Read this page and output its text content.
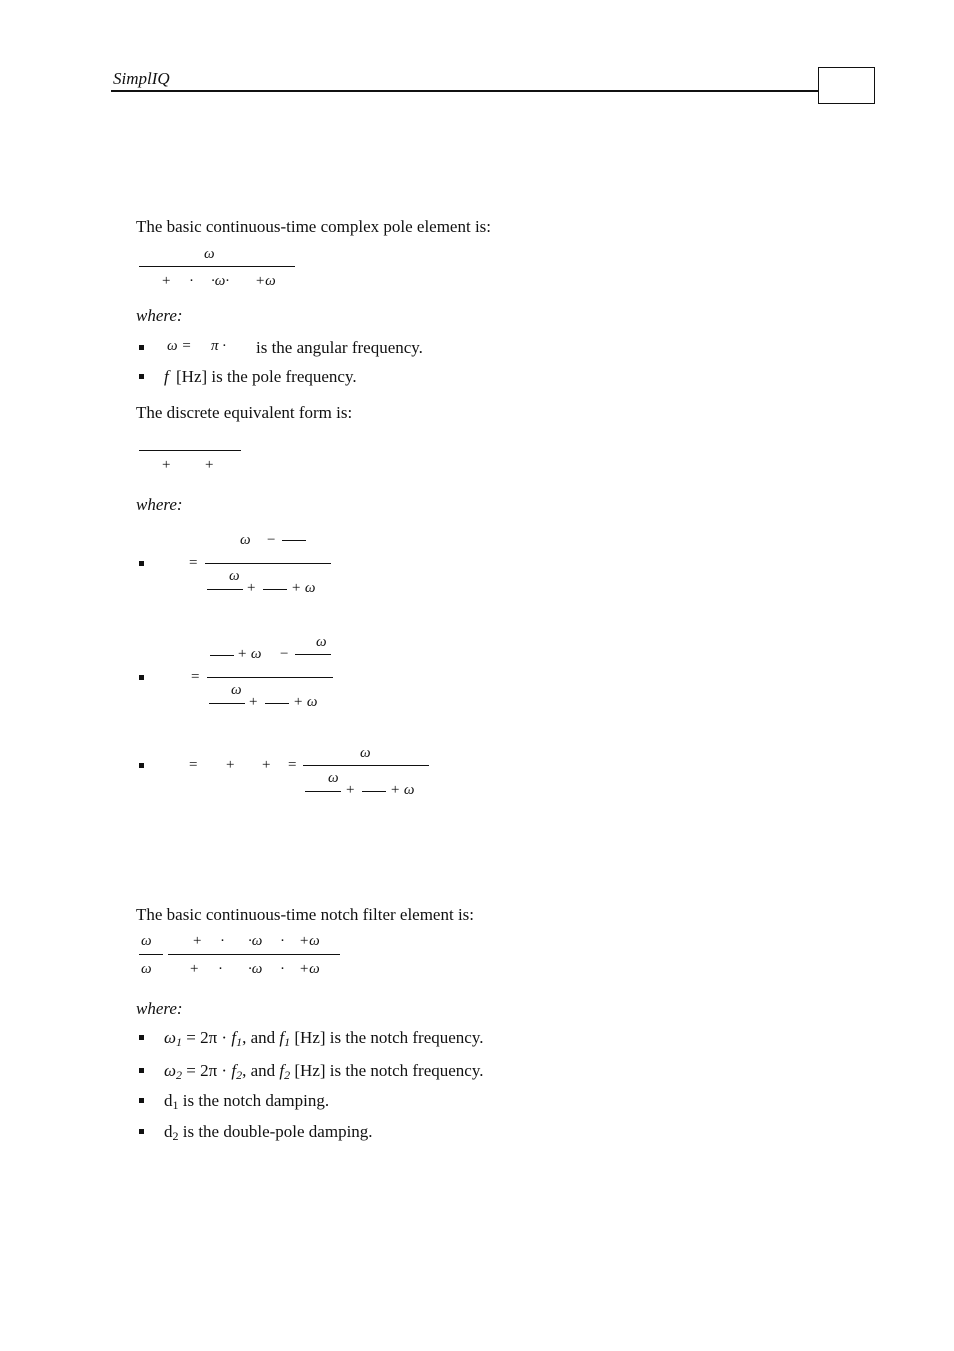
SimplIQ
The basic continuous-time complex pole element is:
ω
+ · ·ω· +ω
where:
ω = π · is the angular frequency.
f [Hz] is the pole frequency.
The discrete equivalent form is:
+ +
where:
=
ω −
ω
+ + ω
=
+ ω −
ω
ω
+ + ω
= + + =
ω
ω
+ + ω
The basic continuous-time notch filter element is:
ω
ω
+ · ·ω · +ω
+ · ·ω · +ω
where:
$\omega_1 = 2\pi \cdot f_1$, and $f_1$ [Hz] is the notch frequency.
$\omega_2 = 2\pi \cdot f_2$, and $f_2$ [Hz] is the notch frequency.
$d_1$ is the notch damping.
$d_2$ is the double-pole damping.
